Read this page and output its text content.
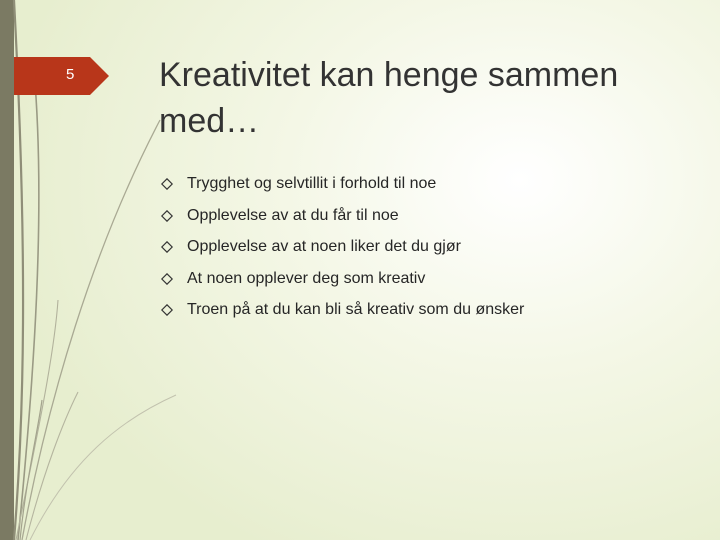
5 Kreativitet kan henge sammen med…
Trygghet og selvtillit i forhold til noe
Opplevelse av at du får til noe
Opplevelse av at noen liker det du gjør
At noen opplever deg som kreativ
Troen på at du kan bli så kreativ som du ønsker
